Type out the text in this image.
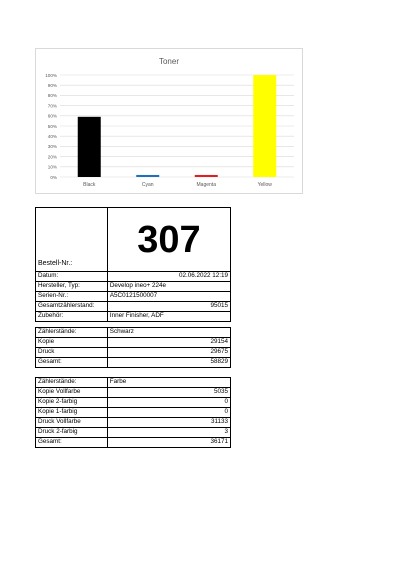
Toner
0%
10%
20%
30%
40%
50%
60%
70%
80%
90%
100%
Black	Cyan	Magenta	Yellow
Bestell-Nr.:	307
Datum:	02.06.2022 12:19
Hersteller, Typ:	Develop ineo+ 224e
Serien-Nr.:	A5C0121500007
Gesamtzählerstand:	95015
Zubehör:	Inner Finisher, ADF
Zählerstände:	Schwarz
Kopie	29154
Druck	29675
Gesamt:	58829
Zählerstände:	Farbe
Kopie Vollfarbe	5035
Kopie 2-farbig	0
Kopie 1-farbig	0
Druck Vollfarbe	31133
Druck 2-farbig	3
Gesamt:	36171
